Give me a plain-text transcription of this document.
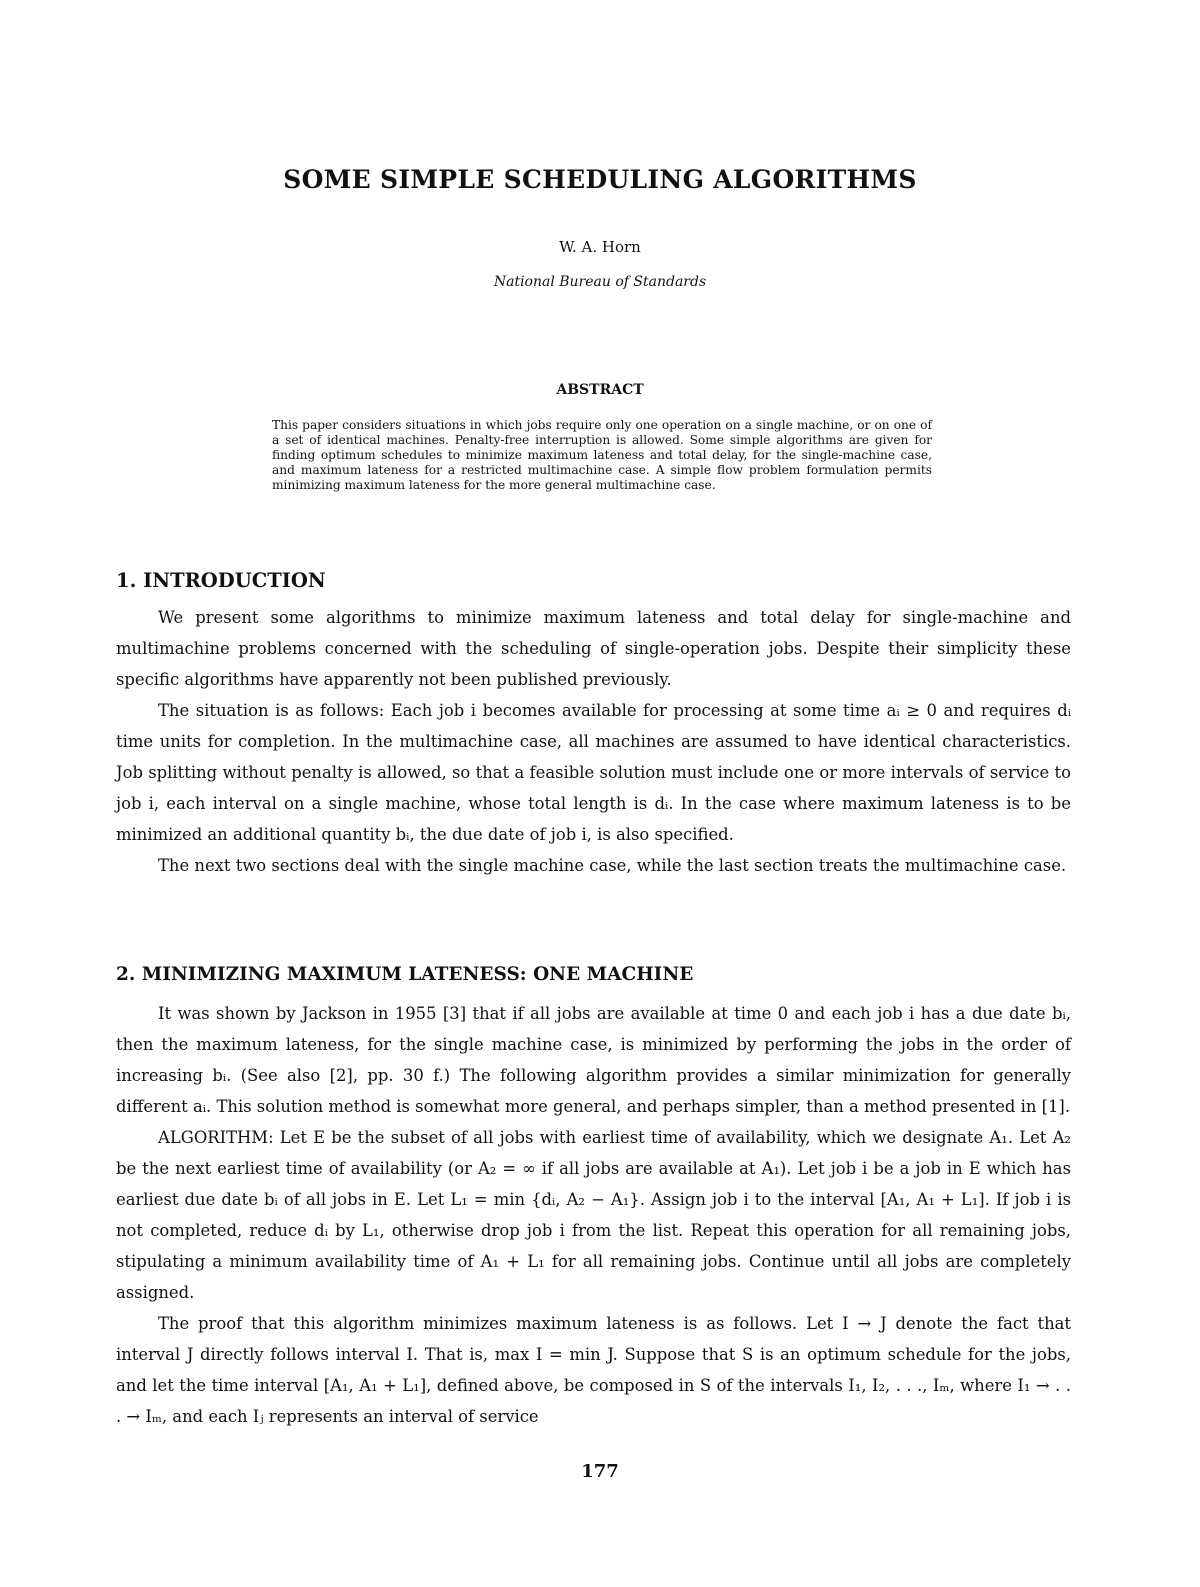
SOME SIMPLE SCHEDULING ALGORITHMS
W. A. Horn
National Bureau of Standards
ABSTRACT
This paper considers situations in which jobs require only one operation on a single machine, or on one of a set of identical machines. Penalty-free interruption is allowed. Some simple algorithms are given for finding optimum schedules to minimize maximum lateness and total delay, for the single-machine case, and maximum lateness for a restricted multimachine case. A simple flow problem formulation permits minimizing maximum lateness for the more general multimachine case.
1. INTRODUCTION

We present some algorithms to minimize maximum lateness and total delay for single-machine and multimachine problems concerned with the scheduling of single-operation jobs. Despite their simplicity these specific algorithms have apparently not been published previously.

The situation is as follows: Each job i becomes available for processing at some time aᵢ ≥ 0 and requires dᵢ time units for completion. In the multimachine case, all machines are assumed to have identical characteristics. Job splitting without penalty is allowed, so that a feasible solution must include one or more intervals of service to job i, each interval on a single machine, whose total length is dᵢ. In the case where maximum lateness is to be minimized an additional quantity bᵢ, the due date of job i, is also specified.

The next two sections deal with the single machine case, while the last section treats the multimachine case.

2. MINIMIZING MAXIMUM LATENESS: ONE MACHINE

It was shown by Jackson in 1955 [3] that if all jobs are available at time 0 and each job i has a due date bᵢ, then the maximum lateness, for the single machine case, is minimized by performing the jobs in the order of increasing bᵢ. (See also [2], pp. 30 f.) The following algorithm provides a similar minimization for generally different aᵢ. This solution method is somewhat more general, and perhaps simpler, than a method presented in [1].

ALGORITHM: Let E be the subset of all jobs with earliest time of availability, which we designate A₁. Let A₂ be the next earliest time of availability (or A₂ = ∞ if all jobs are available at A₁). Let job i be a job in E which has earliest due date bᵢ of all jobs in E. Let L₁ = min {dᵢ, A₂ − A₁}. Assign job i to the interval [A₁, A₁ + L₁]. If job i is not completed, reduce dᵢ by L₁, otherwise drop job i from the list. Repeat this operation for all remaining jobs, stipulating a minimum availability time of A₁ + L₁ for all remaining jobs. Continue until all jobs are completely assigned.

The proof that this algorithm minimizes maximum lateness is as follows. Let I → J denote the fact that interval J directly follows interval I. That is, max I = min J. Suppose that S is an optimum schedule for the jobs, and let the time interval [A₁, A₁ + L₁], defined above, be composed in S of the intervals I₁, I₂, . . ., Iₘ, where I₁ → . . . → Iₘ, and each Iⱼ represents an interval of service

177
